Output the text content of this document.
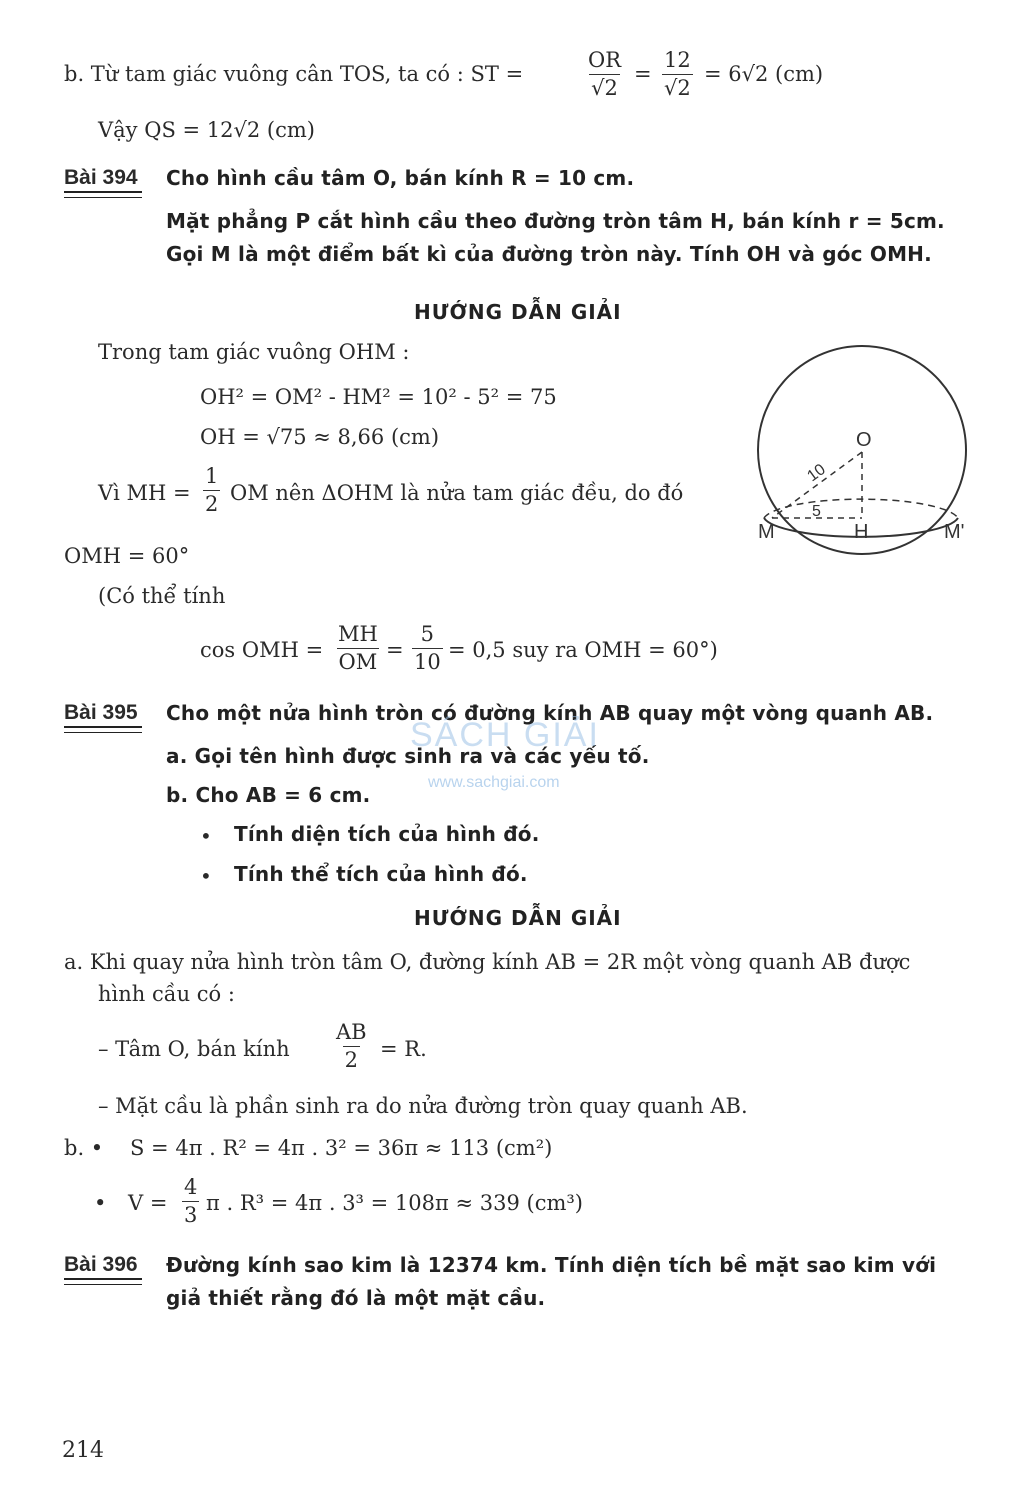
b. Từ tam giác vuông cân TOS, ta có : ST =	$\frac{OR}{√2} = \frac{12}{√2} = 6√2$ (cm)
Vậy QS = 12√2 (cm)
Bài 394 Cho hình cầu tâm O, bán kính R = 10 cm.
Mặt phẳng P cắt hình cầu theo đường tròn tâm H, bán kính r = 5cm.
Gọi M là một điểm bất kì của đường tròn này. Tính OH và góc OMH.
HƯỚNG DẪN GIẢI
Trong tam giác vuông OHM :
OH² = OM² - HM² = 10² - 5² = 75
OH = √75 ≈ 8,66 (cm)
Vì MH = $\frac{1}{2}$ OM nên ΔOHM là nửa tam giác đều, do đó
OMH = 60°
(Có thể tính
cos OMH = $\frac{MH}{OM} = \frac{5}{10} = 0,5$ suy ra OMH = 60°)
O
M	H	M'
10
5
Bài 395 Cho một nửa hình tròn có đường kính AB quay một vòng quanh AB.
a. Gọi tên hình được sinh ra và các yếu tố.
b. Cho AB = 6 cm.
• Tính diện tích của hình đó.
• Tính thể tích của hình đó.
SÁCH GIẢI
www.sachgiai.com
HƯỚNG DẪN GIẢI
a. Khi quay nửa hình tròn tâm O, đường kính AB = 2R một vòng quanh AB được
hình cầu có :
– Tâm O, bán kính $\frac{AB}{2} = R$.
– Mặt cầu là phần sinh ra do nửa đường tròn quay quanh AB.
b. • S = 4π . R² = 4π . 3² = 36π ≈ 113 (cm²)
• $V = \frac{4}{3}$ π . R³ = 4π . 3³ = 108π ≈ 339 (cm³)
Bài 396 Đường kính sao kim là 12374 km. Tính diện tích bề mặt sao kim với
giả thiết rằng đó là một mặt cầu.
214
